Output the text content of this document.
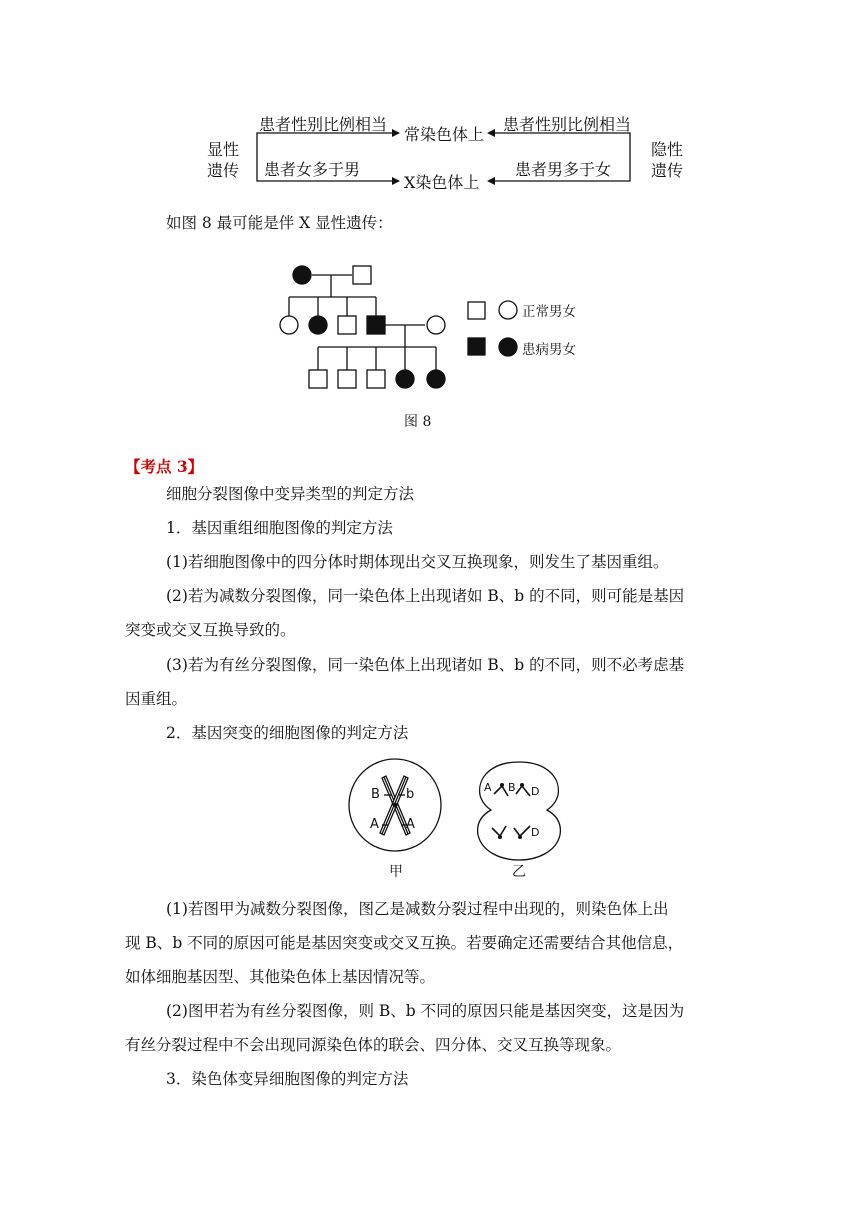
显性
遗传
隐性
遗传
常染色体上
X染色体上
患者性别比例相当
患者女多于男
患者性别比例相当
患者男多于女
如图 8 最可能是伴 X 显性遗传：
正常男女
患病男女
图 8
【考点 3】
细胞分裂图像中变异类型的判定方法
1．基因重组细胞图像的判定方法
(1)若细胞图像中的四分体时期体现出交叉互换现象，则发生了基因重组。
(2)若为减数分裂图像，同一染色体上出现诸如 B、b 的不同，则可能是基因
突变或交叉互换导致的。
(3)若为有丝分裂图像，同一染色体上出现诸如 B、b 的不同，则不必考虑基
因重组。
2．基因突变的细胞图像的判定方法
B b
A A
A B D
D
甲	乙
(1)若图甲为减数分裂图像，图乙是减数分裂过程中出现的，则染色体上出
现 B、b 不同的原因可能是基因突变或交叉互换。若要确定还需要结合其他信息，
如体细胞基因型、其他染色体上基因情况等。
(2)图甲若为有丝分裂图像，则 B、b 不同的原因只能是基因突变，这是因为
有丝分裂过程中不会出现同源染色体的联会、四分体、交叉互换等现象。
3．染色体变异细胞图像的判定方法
